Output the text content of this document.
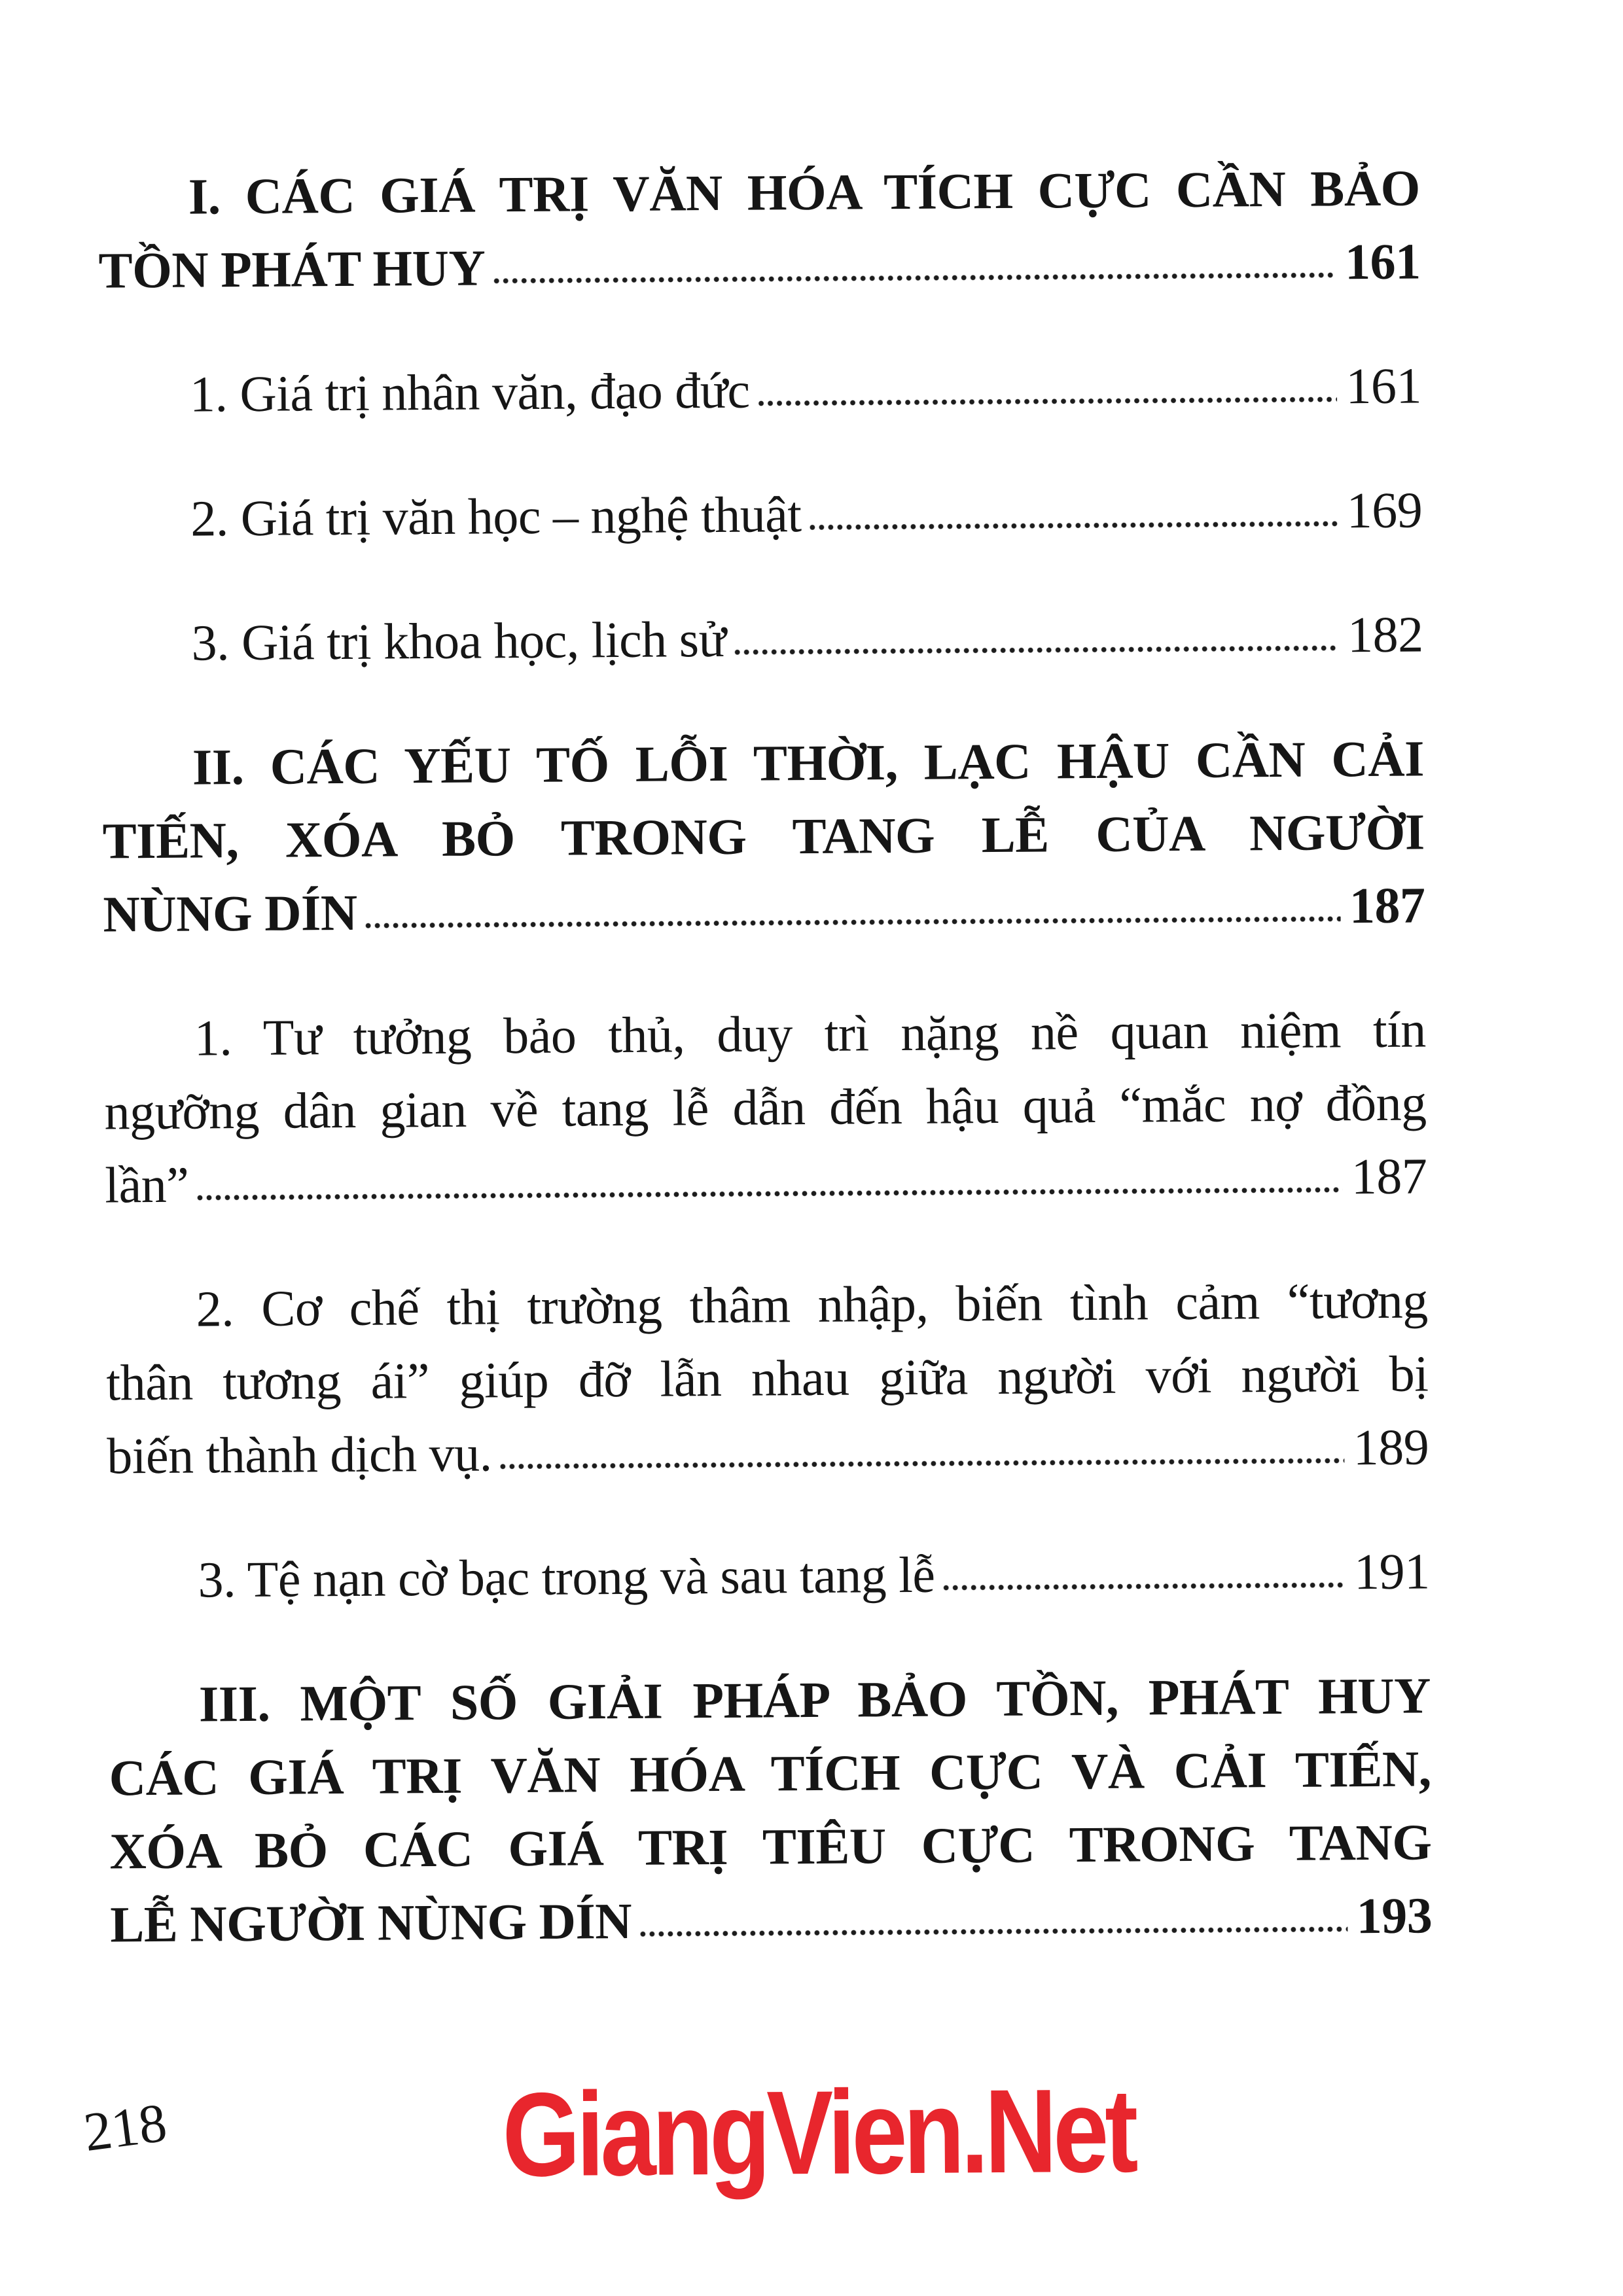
I. CÁC GIÁ TRỊ VĂN HÓA TÍCH CỰC CẦN BẢO
TỒN PHÁT HUY	161
1. Giá trị nhân văn, đạo đức	161
2. Giá trị văn học – nghệ thuật	169
3. Giá trị khoa học, lịch sử	182
II. CÁC YẾU TỐ LỖI THỜI, LẠC HẬU CẦN CẢI
TIẾN, XÓA BỎ TRONG TANG LỄ CỦA NGƯỜI
NÙNG DÍN	187
1. Tư tưởng bảo thủ, duy trì nặng nề quan niệm tín
ngưỡng dân gian về tang lễ dẫn đến hậu quả “mắc nợ đồng
lần”	187
2. Cơ chế thị trường thâm nhập, biến tình cảm “tương
thân tương ái” giúp đỡ lẫn nhau giữa người với người bị
biến thành dịch vụ.	189
3. Tệ nạn cờ bạc trong và sau tang lễ	191
III. MỘT SỐ GIẢI PHÁP BẢO TỒN, PHÁT HUY
CÁC GIÁ TRỊ VĂN HÓA TÍCH CỰC VÀ CẢI TIẾN,
XÓA BỎ CÁC GIÁ TRỊ TIÊU CỰC TRONG TANG
LỄ NGƯỜI NÙNG DÍN	193
218	GiangVien.Net
